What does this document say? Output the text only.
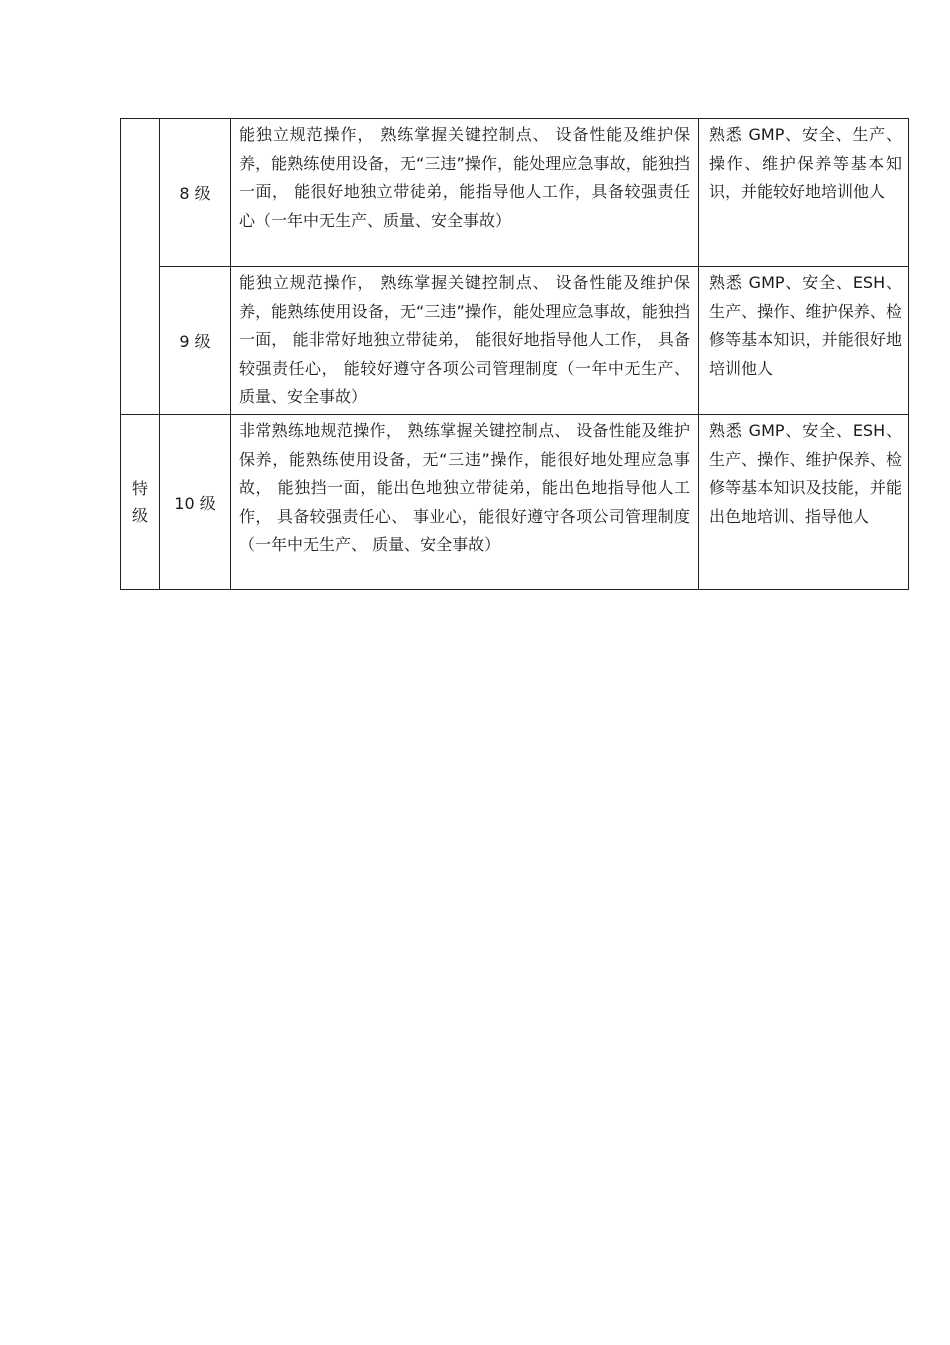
	8 级	能独立规范操作， 熟练掌握关键控制点、 设备性能及维护保养，能熟练使用设备，无“三违”操作，能处理应急事故，能独挡一面， 能很好地独立带徒弟，能指导他人工作，具备较强责任心（一年中无生产、质量、安全事故）	熟悉 GMP、安全、生产、操作、维护保养等基本知识，并能较好地培训他人
	9 级	能独立规范操作， 熟练掌握关键控制点、 设备性能及维护保养，能熟练使用设备，无“三违”操作，能处理应急事故，能独挡一面， 能非常好地独立带徒弟， 能很好地指导他人工作， 具备较强责任心， 能较好遵守各项公司管理制度（一年中无生产、质量、安全事故）	熟悉 GMP、安全、ESH、生产、操作、维护保养、检修等基本知识，并能很好地培训他人
特级	10 级	非常熟练地规范操作， 熟练掌握关键控制点、 设备性能及维护保养，能熟练使用设备，无“三违”操作，能很好地处理应急事故， 能独挡一面，能出色地独立带徒弟，能出色地指导他人工作， 具备较强责任心、 事业心，能很好遵守各项公司管理制度 （一年中无生产、 质量、安全事故）	熟悉 GMP、安全、ESH、生产、操作、维护保养、检修等基本知识及技能，并能出色地培训、指导他人
